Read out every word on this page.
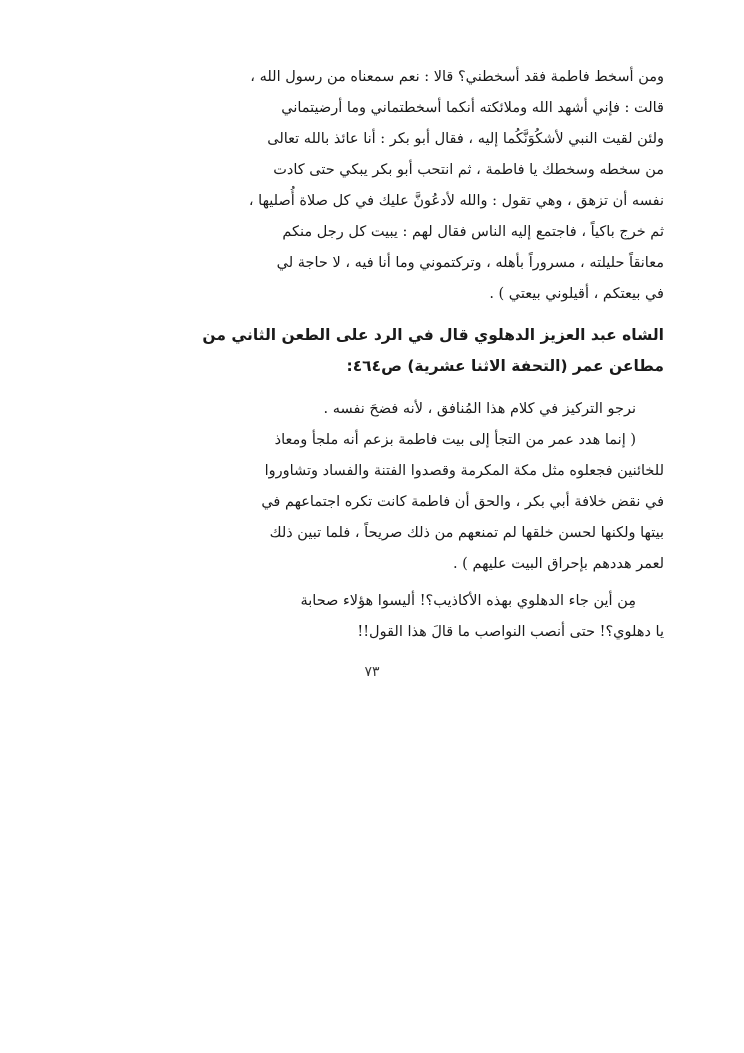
ومن أسخط فاطمة فقد أسخطني؟ قالا : نعم سمعناه من رسول الله ،

قالت : فإني أشهد الله وملائكته أنكما أسخطتماني وما أرضيتماني

ولئن لقيت النبي لأشكُوَنَّكُما إليه ، فقال أبو بكر : أنا عائذ بالله تعالى

من سخطه وسخطك يا فاطمة ، ثم انتحب أبو بكر يبكي حتى كادت

نفسه أن تزهق ، وهي تقول : والله لأدعُونَّ عليك في كل صلاة أُصليها ،

ثم خرج باكياً ، فاجتمع إليه الناس فقال لهم : يبيت كل رجل منكم

معانقاً حليلته ، مسروراً بأهله ، وتركتموني وما أنا فيه ، لا حاجة لي

في بيعتكم ، أقيلوني بيعتي ) .

الشاه عبد العزيز الدهلوي قال في الرد على الطعن الثاني من
مطاعن عمر (التحفة الاثنا عشرية) ص٤٦٤:

نرجو التركيز في كلام هذا المُنافق ، لأنه فضحَ نفسه .

( إنما هدد عمر من التجأ إلى بيت فاطمة بزعم أنه ملجأ ومعاذ

للخائنين فجعلوه مثل مكة المكرمة وقصدوا الفتنة والفساد وتشاوروا

في نقض خلافة أبي بكر ، والحق أن فاطمة كانت تكره اجتماعهم في

بيتها ولكنها لحسن خلقها لم تمنعهم من ذلك صريحاً ، فلما تبين ذلك

لعمر هددهم بإحراق البيت عليهم ) .

مِن أين جاء الدهلوي بهذه الأكاذيب؟! أليسوا هؤلاء صحابة

يا دهلوي؟! حتى أنصب النواصب ما قالَ هذا القول!!

٧٣
